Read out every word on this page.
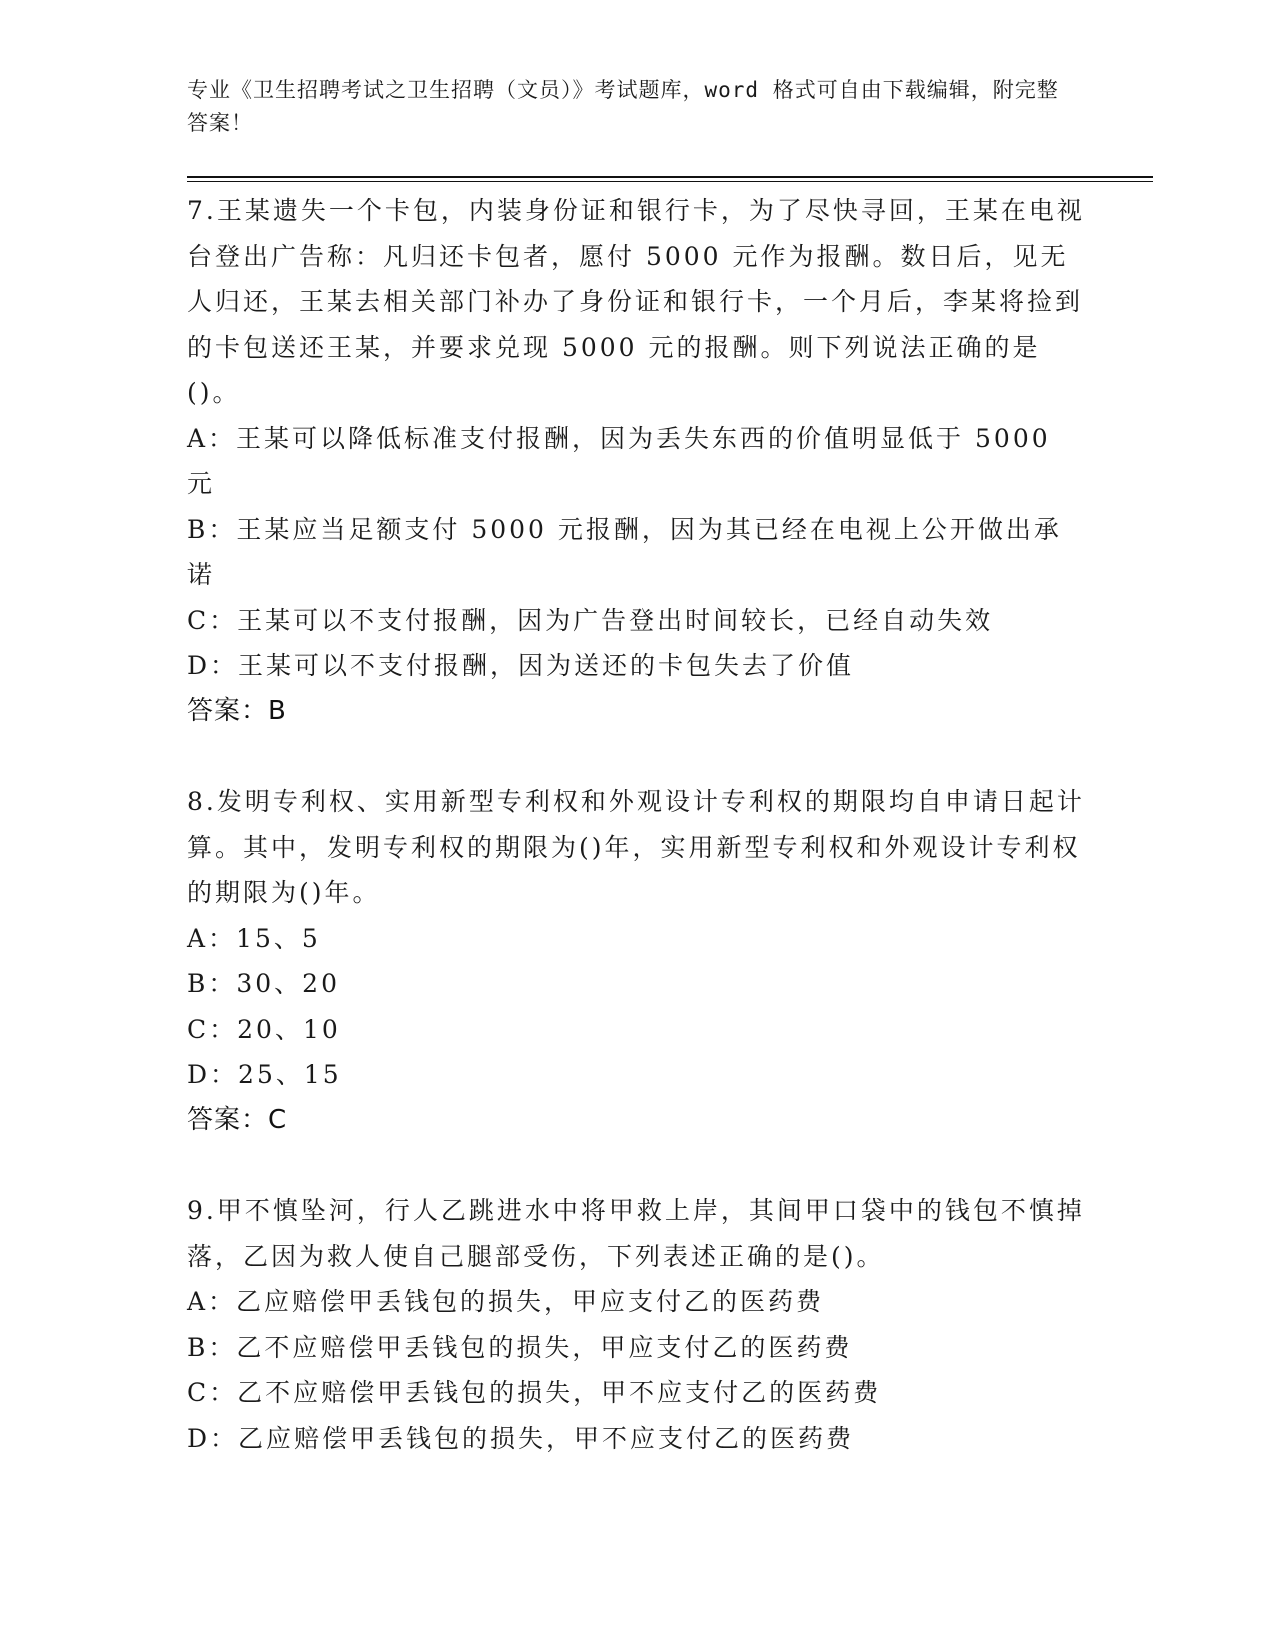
专业《卫生招聘考试之卫生招聘（文员）》考试题库，word 格式可自由下载编辑，附完整答案！

7.王某遗失一个卡包，内装身份证和银行卡，为了尽快寻回，王某在电视台登出广告称：凡归还卡包者，愿付 5000 元作为报酬。数日后，见无人归还，王某去相关部门补办了身份证和银行卡，一个月后，李某将捡到的卡包送还王某，并要求兑现 5000 元的报酬。则下列说法正确的是()。

A：王某可以降低标准支付报酬，因为丢失东西的价值明显低于 5000 元

B：王某应当足额支付 5000 元报酬，因为其已经在电视上公开做出承诺

C：王某可以不支付报酬，因为广告登出时间较长，已经自动失效

D：王某可以不支付报酬，因为送还的卡包失去了价值

答案：B

8.发明专利权、实用新型专利权和外观设计专利权的期限均自申请日起计算。其中，发明专利权的期限为()年，实用新型专利权和外观设计专利权的期限为()年。

A：15、5

B：30、20

C：20、10

D：25、15

答案：C

9.甲不慎坠河，行人乙跳进水中将甲救上岸，其间甲口袋中的钱包不慎掉落，乙因为救人使自己腿部受伤，下列表述正确的是()。

A：乙应赔偿甲丢钱包的损失，甲应支付乙的医药费

B：乙不应赔偿甲丢钱包的损失，甲应支付乙的医药费

C：乙不应赔偿甲丢钱包的损失，甲不应支付乙的医药费

D：乙应赔偿甲丢钱包的损失，甲不应支付乙的医药费
